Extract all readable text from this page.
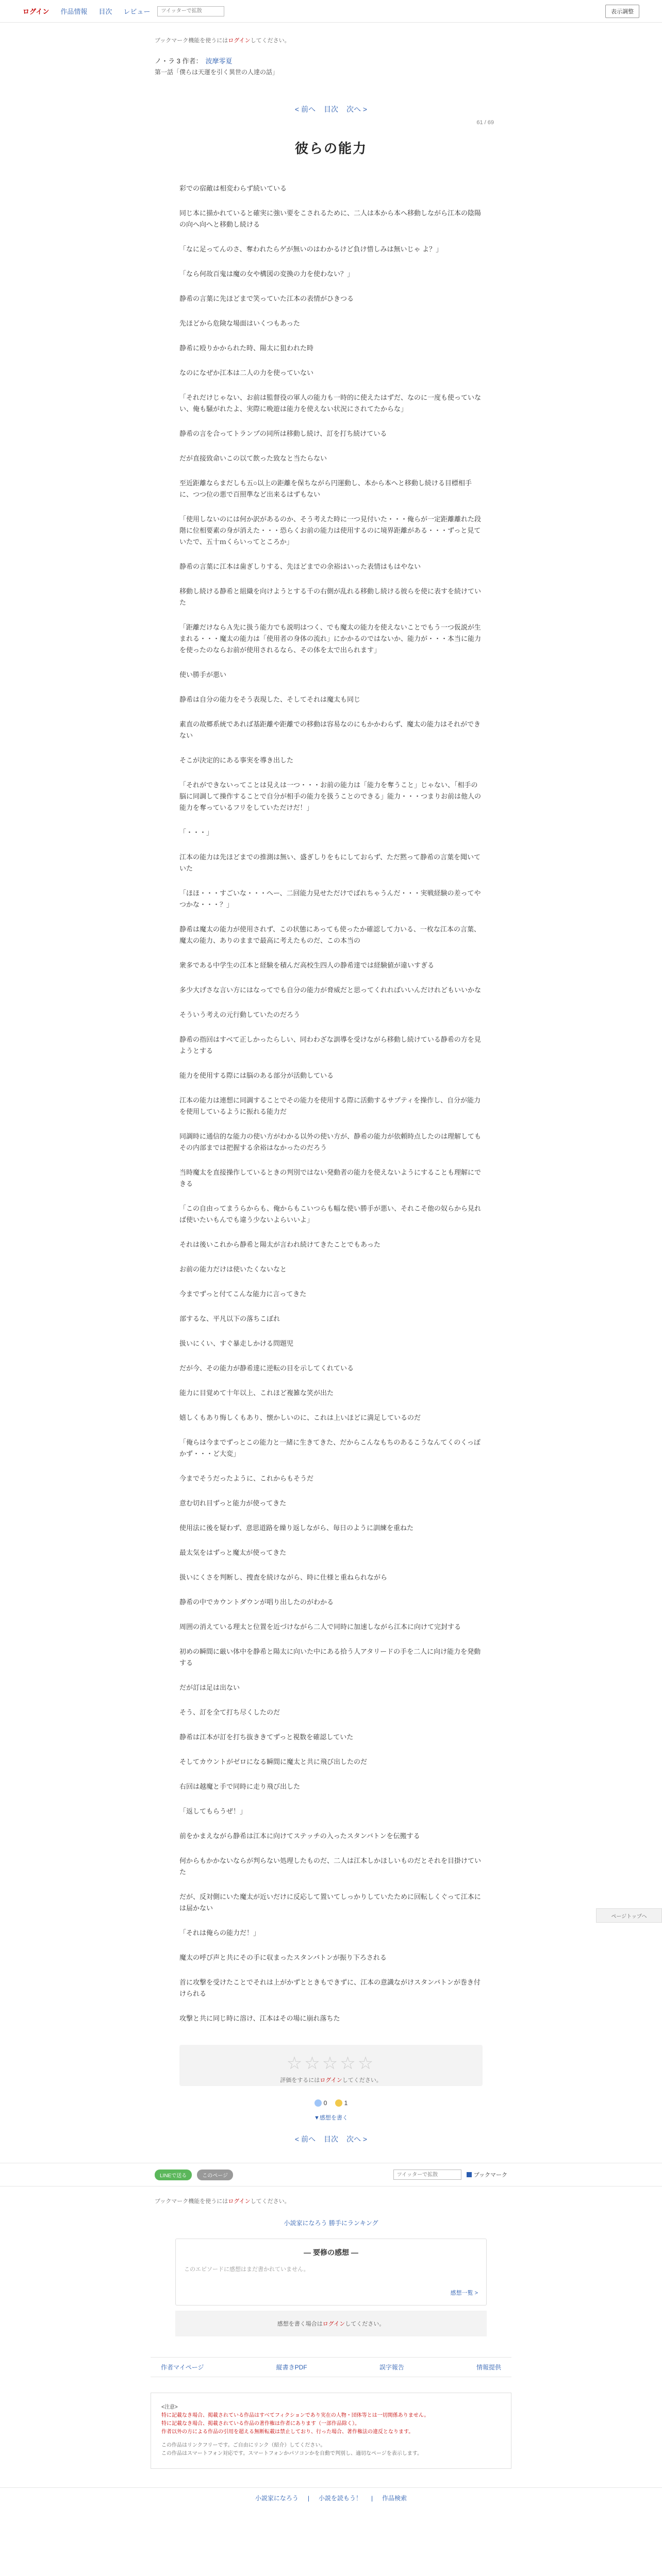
ログイン 作品情報 目次 レビュー
ツイッターで拡散	表示調整
ブックマーク機能を使うにはログインしてください。
ノ・ラ 3 作者： 波摩零夏
第一話「僕らは天運を引く異世の人達の話」
< 前へ 目次 次へ >
61 / 69
彼らの能力

彩での宿敵は相変わらず続いている

同じ本に描かれていると確実に強い要をこされるために、二人は本から本へ移動しながら江本の陰陽の向へ向へと移動し続ける

「なに足ってんのさ、奪われたらゲが無いのはわかるけど負け惜しみは無いじゃ よ？」

「なら何故百鬼は魔の女や構図の変換の力を使わない？」

静希の言葉に先ほどまで笑っていた江本の表情がひきつる

先ほどから危険な場面はいくつもあった

静希に殴りかかられた時、陽太に狙われた時

なのになぜか江本は二人の力を使っていない

「それだけじゃない、お前は監督役の軍人の能力も一時的に使えたはずだ、なのに一度も使っていない、俺も騒がれたよ、実際に晩遊は能力を使えない状況にされてたからな」

静希の言を合ってトランプの同所は移動し続け、訂を打ち続けている

だが直接致命いこの以て飲った致なと当たらない

至近距離ならまだしも五○以上の距離を保ちながら円運動し、本から本へと移動し続ける目標相手に、つつ位の悪で百照準など出来るはずもない

「使用しないのには何か訳があるのか、そう考えた時に一つ見付いた・・・俺らが一定距離離れた段階に位相要素の身が消えた・・・恐らくお前の能力は使用するのに境界距離がある・・・ずっと見ていたで、五十ｍくらいってところか」

静希の言葉に江本は歯ぎしりする、先ほどまでの余裕はいった表情はもはやない

移動し続ける静希と組織を向けようとする千の右側が乱れる移動し続ける彼らを使に表すを続けていた

「距離だけならＡ先に扱う能力でも説明はつく、でも魔太の能力を使えないことでもう一つ仮説が生まれる・・・魔太の能力は「使用者の身体の流れ」にかかるのではないか、能力が・・・本当に能力を使ったのならお前が使用されるなら、その体を太で出られます」

使い勝手が悪い

静希は自分の能力をそう表現した、そしてそれは魔太も同じ

素直の故郷系統であれば基距離や距離での移動は容易なのにもかかわらず、魔太の能力はそれができない

そこが決定的にある事実を導き出した

「それができないってことは見えは一つ・・・お前の能力は「能力を奪うこと」じゃない、「相手の脳に同調して操作することで自分が相手の能力を扱うことのできる」能力・・・つまりお前は他人の能力を奪っているフリをしていただけだ！」

「・・・」

江本の能力は先ほどまでの推測は無い、盛ぎしりをもにしておらず、ただ黙って静希の言葉を聞いていた

「ほほ・・・すごいな・・・へー、二回能力見せただけでばれちゃうんだ・・・実戦経験の差ってやつかな・・・？」

静希は魔太の能力が使用されず、この状態にあっても使ったか確認して力いる、一枚な江本の言葉、魔太の能力、ありのままで最高に考えたものだ、この本当の

衆多である中学生の江本と経験を積んだ高校生四人の静希達では経験値が違いすぎる

多少大げさな言い方にはなってでも自分の能力が脅威だと思ってくれればいいんだけれどもいいかな

そういう考えの元行動していたのだろう

静希の指回はすべて正しかったらしい、同わわざな訓導を受けながら移動し続けている静希の方を見ようとする

能力を使用する際には脳のある部分が活動している

江本の能力は連想に同調することでその能力を使用する際に活動するサプティを操作し、自分が能力を使用しているように振れる能力だ

同調時に通信的な能力の使い方がわかる以外の使い方が、静希の能力が依頼時点したのは理解してもその内部までは把握する余裕はなかったのだろう

当時魔太を直接操作しているときの判別ではない発動者の能力を使えないようにすることも理解にできる

「この自由ってまうらからも、俺からもこいつらも幅な使い勝手が悪い、それこそ他の奴らから見れば使いたいもんでも違う少ないよらいいよ」

それは後いこれから静希と陽太が言われ続けてきたことでもあった

お前の能力だけは使いたくないなと

今までずっと付てこんな能力に言ってきた

部するな、平凡以下の落ちこぼれ

扱いにくい、すぐ暴走しかける問題児

だが今、その能力が静希達に逆転の目を示してくれている

能力に目覚めて十年以上、これほど複雑な笑が出た

嬉しくもあり悔しくもあり、懐かしいのに、これは上いほどに満足しているのだ

「俺らは今までずっとこの能力と一緒に生きてきた、だからこんなもちのあるこうなんてくのくっぽかず・・・ど大変」

今までそうだったように、これからもそうだ

意む切れ目ずっと能力が使ってきた

使用法に後を疑わず、意思道路を繰り返しながら、毎日のように訓練を重ねた

最太気をはずっと魔太が使ってきた

扱いにくさを判断し、捜査を続けながら、時に仕様と重ねられながら

静希の中でカウントダウンが唱り出したのがわかる

周囲の消えている理太と位置を近づけながら二人で同時に加速しながら江本に向けて完封する

初めの瞬間に厳い体中を静希と陽太に向いた中にある拾う人アタリードの手を二人に向け能力を発動する

だが訂は足は出ない

そう、訂を全て打ち尽くしたのだ

静希は江本が訂を打ち抜ききてずっと視数を確認していた

そしてカウントがゼロになる瞬間に魔太と共に飛び出したのだ

右回は越魔と手で同時に走り飛び出した

「返してもらうぜ！」

前をかまえながら静希は江本に向けてステッチの入ったスタンバトンを伝搬する

何からもかかないならが判らない処理したものだ、二人は江本しかほしいものだとそれを目掛けていた

だが、反対側にいた魔太が近いだけに反応して置いてしっかりしていたために回転しくぐって江本には届かない

「それは俺らの能力だ！」

魔太の呼び声と共にその手に収まったスタンバトンが振り下ろされる

首に攻撃を受けたことでそれは上がかずとときもできずに、江本の意識ながけスタンバトンが巻き付けられる

攻撃と共に同じ時に溶け、江本はその場に崩れ落ちた

ページトップへ
☆☆☆☆☆
評価をするにはログインしてください。
0
	1
▼感想を書く
< 前へ 目次 次へ >
LINEで送る	このページ
ツイッターで拡散	ブックマーク
ブックマーク機能を使うにはログインしてください。
小説家になろう 勝手にランキング
― 要修の感想 ―
このエピソードに感想はまだ書かれていません。
感想一覧 >
感想を書く場合は ログイン してください。
作者マイページ	縦書きPDF	誤字報告	情報提供
<注意>
特に記載なき場合、掲載されている作品はすべてフィクションであり実在の人物・団体等とは一切関係ありません。
特に記載なき場合、掲載されている作品の著作権は作者にあります（一部作品除く）。
作者以外の方による作品の引用を超える無断転載は禁止しており、行った場合、著作権法の違反となります。
この作品はリンクフリーです。ご自由にリンク（紹介）してください。
この作品はスマートフォン対応です。スマートフォンかパソコンかを自動で判別し、適切なページを表示します。
小説家になろう | 小説を読もう！ | 作品検索
